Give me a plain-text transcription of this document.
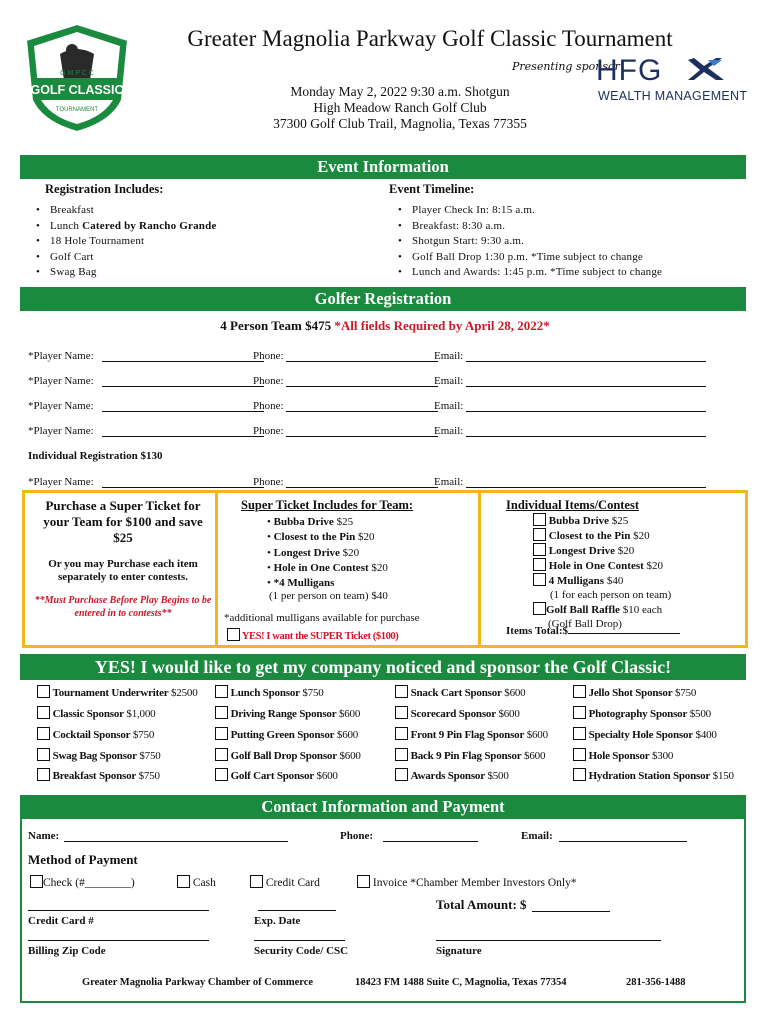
G M P C C
GOLF CLASSIC
TOURNAMENT
Greater Magnolia Parkway Golf Classic Tournament
Presenting sponsor
HFG
WEALTH MANAGEMENT
Monday May 2, 2022 9:30 a.m. Shotgun
High Meadow Ranch Golf Club
37300 Golf Club Trail, Magnolia, Texas 77355
Event Information
Registration Includes:
• Breakfast
• Lunch Catered by Rancho Grande
• 18 Hole Tournament
• Golf Cart
• Swag Bag
Event Timeline:
• Player Check In: 8:15 a.m.
• Breakfast: 8:30 a.m.
• Shotgun Start: 9:30 a.m.
• Golf Ball Drop 1:30 p.m. *Time subject to change
• Lunch and Awards: 1:45 p.m. *Time subject to change
Golfer Registration
4 Person Team $475 *All fields Required by April 28, 2022*
*Player Name:	Phone:	Email:
*Player Name:	Phone:	Email:
*Player Name:	Phone:	Email:
*Player Name:	Phone:	Email:
Individual Registration $130
*Player Name:	Phone:	Email:
Purchase a Super Ticket for your Team for $100 and save $25
Or you may Purchase each item separately to enter contests.
**Must Purchase Before Play Begins to be entered in to contests**
Super Ticket Includes for Team:
• Bubba Drive $25
• Closest to the Pin $20
• Longest Drive $20
• Hole in One Contest $20
• *4 Mulligans
(1 per person on team) $40
*additional mulligans available for purchase
YES! I want the SUPER Ticket ($100)
Individual Items/Contest
Bubba Drive $25
Closest to the Pin $20
Longest Drive $20
Hole in One Contest $20
4 Mulligans $40
(1 for each person on team)
Golf Ball Raffle $10 each
(Golf Ball Drop)
Items Total:$
YES! I would like to get my company noticed and sponsor the Golf Classic!
Tournament Underwriter $2500
Classic Sponsor $1,000
Cocktail Sponsor $750
Swag Bag Sponsor $750
Breakfast Sponsor $750
Lunch Sponsor $750
Driving Range Sponsor $600
Putting Green Sponsor $600
Golf Ball Drop Sponsor $600
Golf Cart Sponsor $600
Snack Cart Sponsor $600
Scorecard Sponsor $600
Front 9 Pin Flag Sponsor $600
Back 9 Pin Flag Sponsor $600
Awards Sponsor $500
Jello Shot Sponsor $750
Photography Sponsor $500
Specialty Hole Sponsor $400
Hole Sponsor $300
Hydration Station Sponsor $150
Contact Information and Payment
Name:	Phone:	Email:
Method of Payment
Check (#________)	Cash	Credit Card	Invoice *Chamber Member Investors Only*
Total Amount: $
Credit Card #	Exp. Date
Billing Zip Code	Security Code/ CSC	Signature
Greater Magnolia Parkway Chamber of Commerce	18423 FM 1488 Suite C, Magnolia, Texas 77354	281-356-1488
